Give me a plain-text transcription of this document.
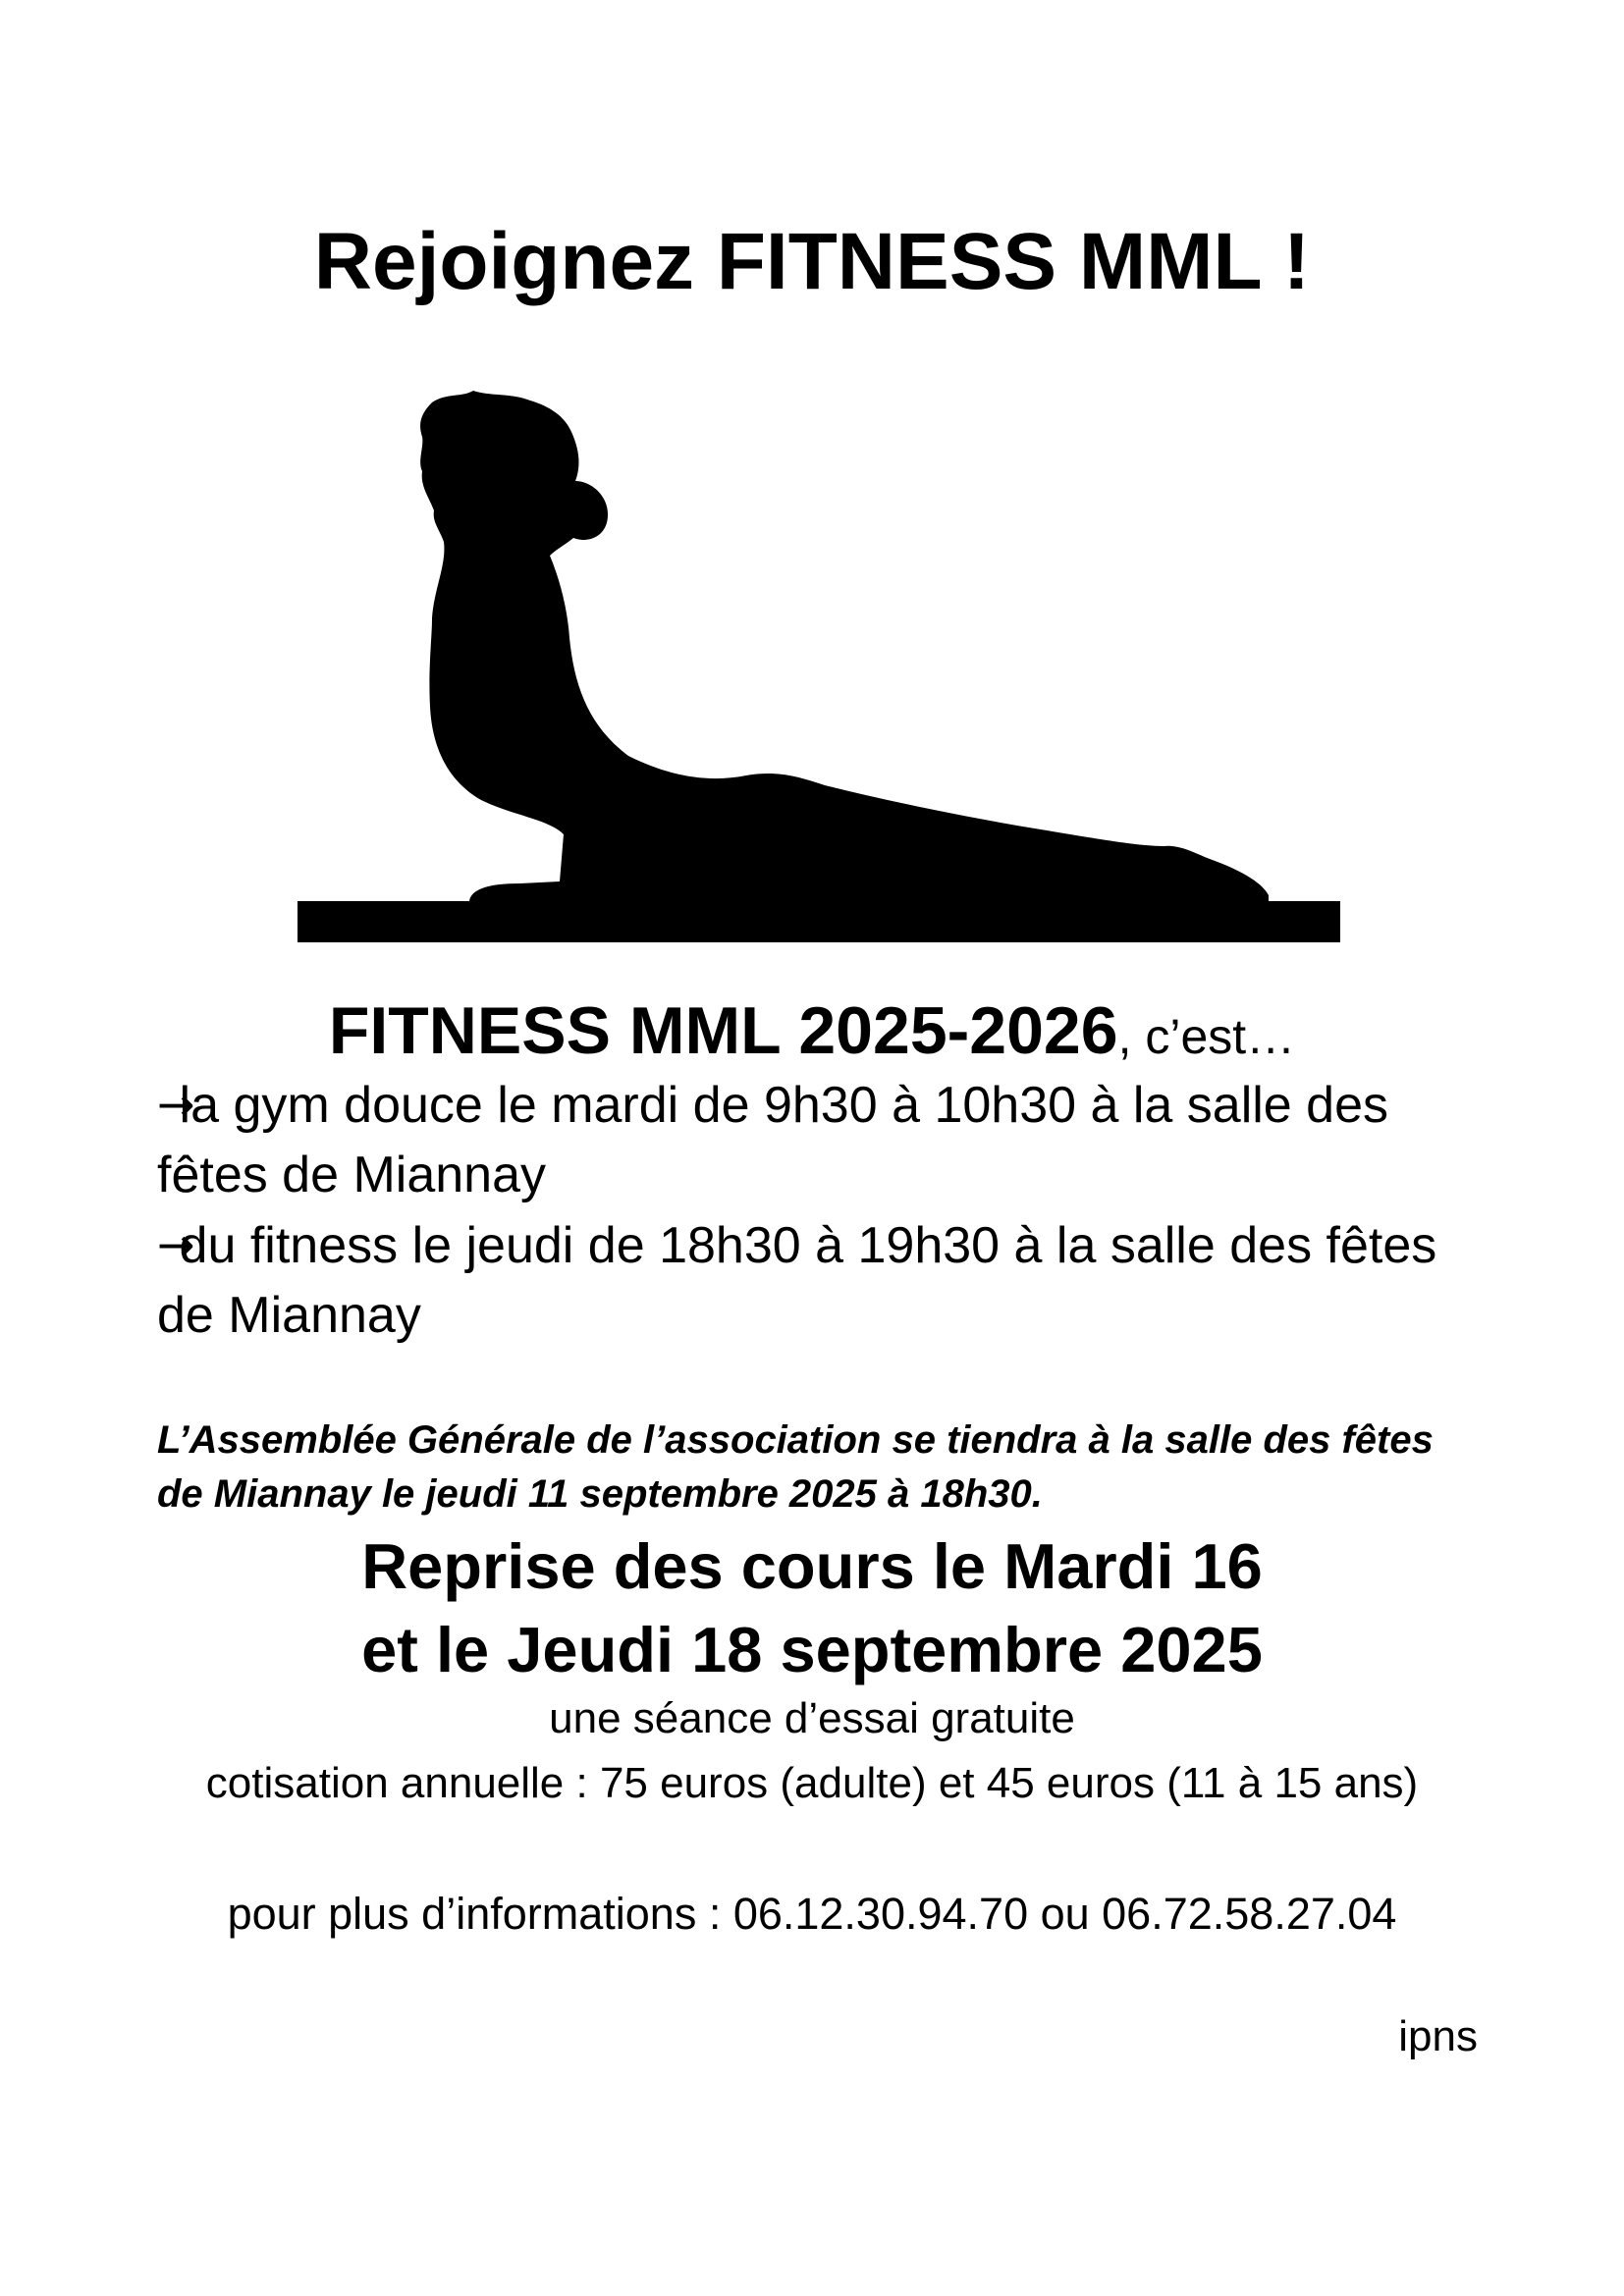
Rejoignez FITNESS MML !
FITNESS MML 2025-2026, c’est…
→la gym douce le mardi de 9h30 à 10h30 à la salle des
fêtes de Miannay
→du fitness le jeudi de 18h30 à 19h30 à la salle des fêtes
de Miannay
L’Assemblée Générale de l’association se tiendra à la salle des fêtes
de Miannay le jeudi 11 septembre 2025 à 18h30.
Reprise des cours le Mardi 16
et le Jeudi 18 septembre 2025
une séance d’essai gratuite
cotisation annuelle : 75 euros (adulte) et 45 euros (11 à 15 ans)
pour plus d’informations : 06.12.30.94.70 ou 06.72.58.27.04
ipns
